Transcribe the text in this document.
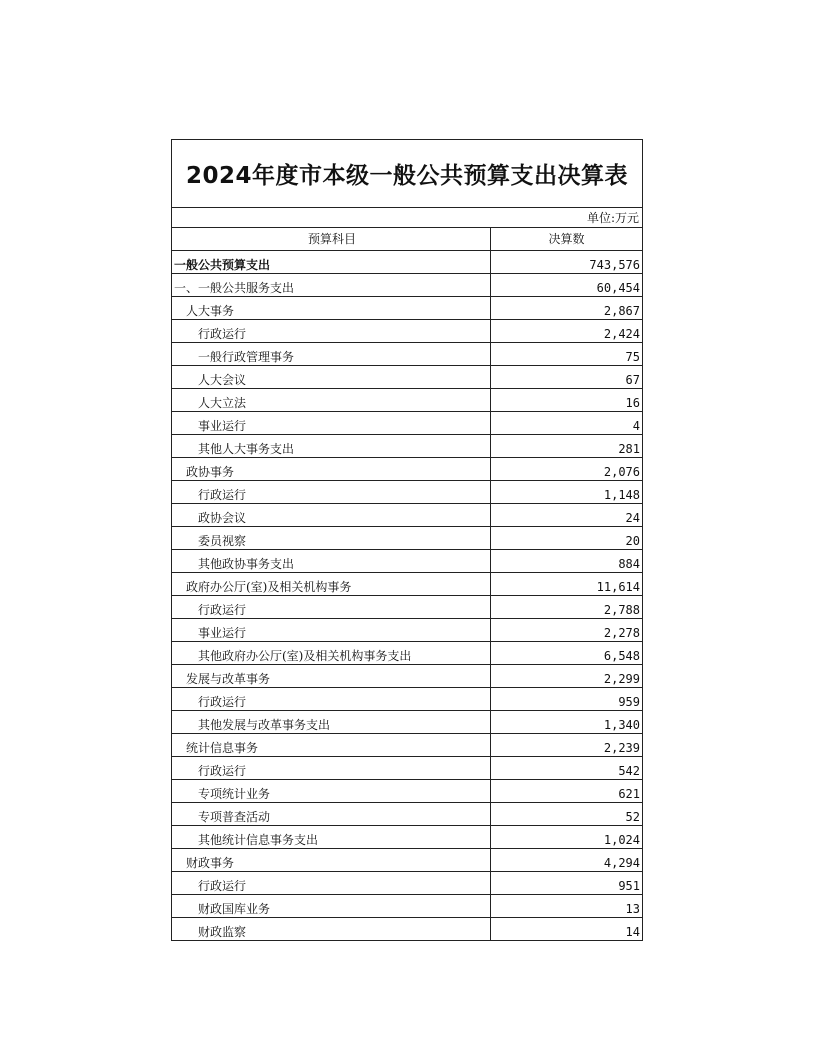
2024年度市本级一般公共预算支出决算表
单位:万元
预算科目	决算数
一般公共预算支出	743,576
一、一般公共服务支出	60,454
人大事务	2,867
行政运行	2,424
一般行政管理事务	75
人大会议	67
人大立法	16
事业运行	4
其他人大事务支出	281
政协事务	2,076
行政运行	1,148
政协会议	24
委员视察	20
其他政协事务支出	884
政府办公厅(室)及相关机构事务	11,614
行政运行	2,788
事业运行	2,278
其他政府办公厅(室)及相关机构事务支出	6,548
发展与改革事务	2,299
行政运行	959
其他发展与改革事务支出	1,340
统计信息事务	2,239
行政运行	542
专项统计业务	621
专项普查活动	52
其他统计信息事务支出	1,024
财政事务	4,294
行政运行	951
财政国库业务	13
财政监察	14
